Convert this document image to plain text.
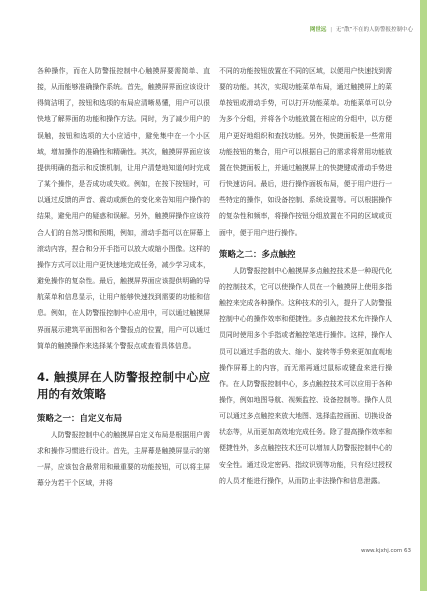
网世远 | 无“散”不在的人防警报控制中心

各种操作，而在人防警报控制中心触摸屏要需简单、直接，从而能够准确操作系统。首先，触摸屏界面应该设计得简洁明了，按钮和选项的布局应清晰易懂，用户可以很快地了解界面的功能和操作方法。同时，为了减少用户的误触，按钮和选项的大小应适中，避免集中在一个小区域，增加操作的准确性和精确性。其次，触摸屏界面应该提供明确的指示和反馈机制，让用户清楚地知道何时完成了某个操作，是否成功或失败。例如，在按下按钮时，可以通过反馈的声音、震动或颜色的变化来告知用户操作的结果，避免用户的疑惑和误解。另外，触摸屏操作应该符合人们的自然习惯和预期，例如，滑动手指可以在屏幕上滚动内容，捏合和分开手指可以放大或缩小图像。这样的操作方式可以让用户更快速地完成任务，减少学习成本，避免操作的复杂性。最后，触摸屏界面应该提供明确的导航菜单和信息显示，让用户能够快速找到需要的功能和信息。例如，在人防警报控制中心应用中，可以通过触摸屏界面展示建筑平面图和各个警报点的位置，用户可以通过简单的触摸操作来选择某个警报点或查看具体信息。

4. 触摸屏在人防警报控制中心应用的有效策略
策略之一：自定义布局

人防警报控制中心的触摸屏自定义布局是根据用户需求和操作习惯进行设计。首先，主屏幕是触摸屏显示的第一屏，应该包含最常用和最重要的功能按钮，可以将主屏幕分为若干个区域，并将

不同的功能按钮放置在不同的区域，以便用户快速找到需要的功能。其次，实现功能菜单布局，通过触摸屏上的菜单按钮或滑动手势，可以打开功能菜单。功能菜单可以分为多个分组，并将各个功能放置在相应的分组中，以方便用户更好地组织和查找功能。另外，快捷面板是一些常用功能按钮的集合，用户可以根据自己的需求将常用功能放置在快捷面板上，并通过触摸屏上的快捷键或滑动手势进行快速访问。最后，进行操作面板布局，便于用户进行一些特定的操作，如设备控制、系统设置等。可以根据操作的复杂性和频率，将操作按钮分组放置在不同的区域或页面中，便于用户进行操作。

策略之二：多点触控

人防警报控制中心触摸屏多点触控技术是一种现代化的控制技术，它可以使操作人员在一个触摸屏上使用多指触控来完成各种操作。这种技术的引入，提升了人防警报控制中心的操作效率和便捷性。多点触控技术允许操作人员同时使用多个手指或者触控笔进行操作。这样，操作人员可以通过手指的放大、缩小、旋转等手势来更加直观地操作屏幕上的内容，而无需再通过鼠标或键盘来进行操作。在人防警报控制中心，多点触控技术可以应用于各种操作，例如地图导航、视频监控、设备控制等。操作人员可以通过多点触控来放大地图、选择监控画面、切换设备状态等，从而更加高效地完成任务。除了提高操作效率和便捷性外，多点触控技术还可以增加人防警报控制中心的安全性。通过设定密码、指纹识别等功能，只有经过授权的人员才能进行操作，从而防止非法操作和信息泄露。

www.kjxhj.com 63
